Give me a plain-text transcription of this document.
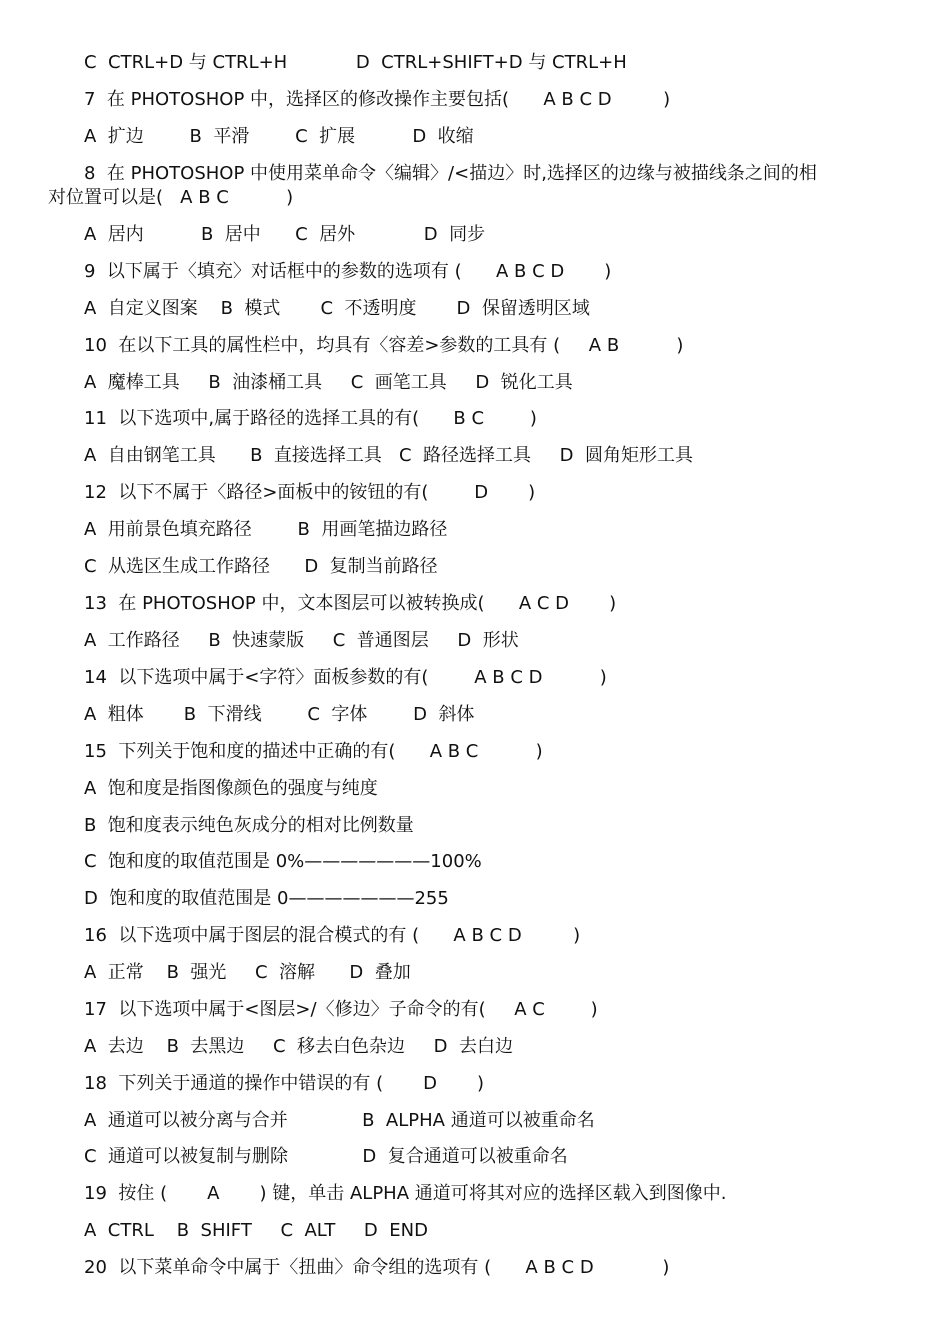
C  CTRL+D 与 CTRL+H            D  CTRL+SHIFT+D 与 CTRL+H
7  在 PHOTOSHOP 中，选择区的修改操作主要包括(      A B C D         )
A  扩边        B  平滑        C  扩展          D  收缩
8  在 PHOTOSHOP 中使用菜单命令〈编辑〉/<描边〉时,选择区的边缘与被描线条之间的相
对位置可以是(   A B C          )
A  居内          B  居中      C  居外            D  同步
9  以下属于〈填充〉对话框中的参数的选项有 (      A B C D       )
A  自定义图案    B  模式       C  不透明度       D  保留透明区域
10  在以下工具的属性栏中，均具有〈容差>参数的工具有 (     A B          )
A  魔棒工具     B  油漆桶工具     C  画笔工具     D  锐化工具
11  以下选项中,属于路径的选择工具的有(      B C        )
A  自由钢笔工具      B  直接选择工具   C  路径选择工具     D  圆角矩形工具
12  以下不属于〈路径>面板中的铵钮的有(        D       )
A  用前景色填充路径        B  用画笔描边路径
C  从选区生成工作路径      D  复制当前路径
13  在 PHOTOSHOP 中，文本图层可以被转换成(      A C D       )
A  工作路径     B  快速蒙版     C  普通图层     D  形状
14  以下选项中属于<字符〉面板参数的有(        A B C D          )
A  粗体       B  下滑线        C  字体        D  斜体
15  下列关于饱和度的描述中正确的有(      A B C          )
A  饱和度是指图像颜色的强度与纯度
B  饱和度表示纯色灰成分的相对比例数量
C  饱和度的取值范围是 0%———————100%
D  饱和度的取值范围是 0———————255
16  以下选项中属于图层的混合模式的有 (      A B C D         )
A  正常    B  强光     C  溶解      D  叠加
17  以下选项中属于<图层>/〈修边〉子命令的有(     A C        )
A  去边    B  去黑边     C  移去白色杂边     D  去白边
18  下列关于通道的操作中错误的有 (       D       )
A  通道可以被分离与合并             B  ALPHA 通道可以被重命名
C  通道可以被复制与删除             D  复合通道可以被重命名
19  按住 (       A       ) 键，单击 ALPHA 通道可将其对应的选择区载入到图像中.
A  CTRL    B  SHIFT     C  ALT     D  END
20  以下菜单命令中属于〈扭曲〉命令组的选项有 (      A B C D            )
